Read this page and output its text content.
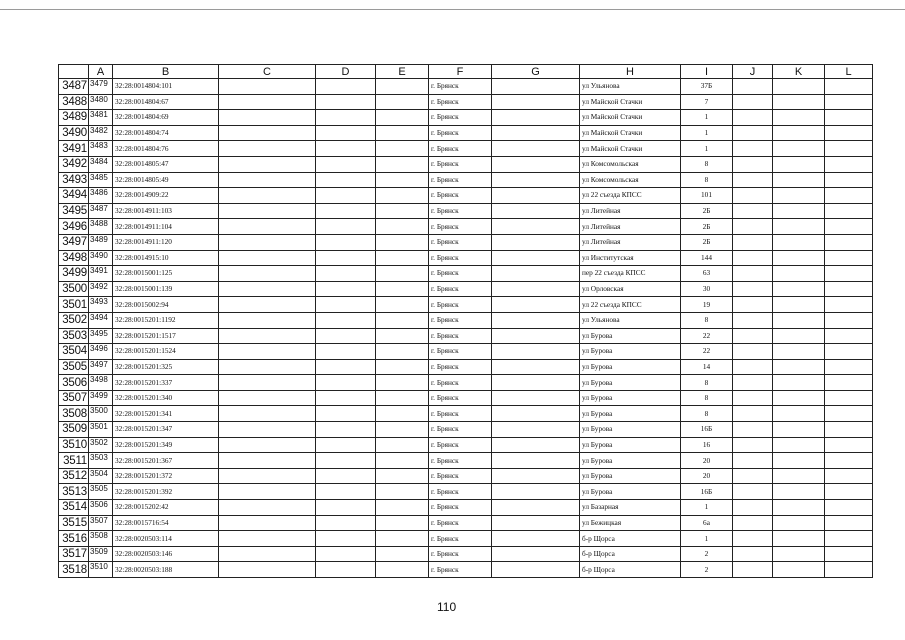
	A	B	C	D	E	F	G	H	I	J	K	L
3487	3479	32:28:0014804:101				г. Брянск		ул Ульянова	37Б			
3488	3480	32:28:0014804:67				г. Брянск		ул Майской Стачки	7			
3489	3481	32:28:0014804:69				г. Брянск		ул Майской Стачки	1			
3490	3482	32:28:0014804:74				г. Брянск		ул Майской Стачки	1			
3491	3483	32:28:0014804:76				г. Брянск		ул Майской Стачки	1			
3492	3484	32:28:0014805:47				г. Брянск		ул Комсомольская	8			
3493	3485	32:28:0014805:49				г. Брянск		ул Комсомольская	8			
3494	3486	32:28:0014909:22				г. Брянск		ул 22 съезда КПСС	101			
3495	3487	32:28:0014911:103				г. Брянск		ул Литейная	2Б			
3496	3488	32:28:0014911:104				г. Брянск		ул Литейная	2Б			
3497	3489	32:28:0014911:120				г. Брянск		ул Литейная	2Б			
3498	3490	32:28:0014915:10				г. Брянск		ул Институтская	144			
3499	3491	32:28:0015001:125				г. Брянск		пер 22 съезда КПСС	63			
3500	3492	32:28:0015001:139				г. Брянск		ул Орловская	30			
3501	3493	32:28:0015002:94				г. Брянск		ул 22 съезда КПСС	19			
3502	3494	32:28:0015201:1192				г. Брянск		ул Ульянова	8			
3503	3495	32:28:0015201:1517				г. Брянск		ул Бурова	22			
3504	3496	32:28:0015201:1524				г. Брянск		ул Бурова	22			
3505	3497	32:28:0015201:325				г. Брянск		ул Бурова	14			
3506	3498	32:28:0015201:337				г. Брянск		ул Бурова	8			
3507	3499	32:28:0015201:340				г. Брянск		ул Бурова	8			
3508	3500	32:28:0015201:341				г. Брянск		ул Бурова	8			
3509	3501	32:28:0015201:347				г. Брянск		ул Бурова	16Б			
3510	3502	32:28:0015201:349				г. Брянск		ул Бурова	16			
3511	3503	32:28:0015201:367				г. Брянск		ул Бурова	20			
3512	3504	32:28:0015201:372				г. Брянск		ул Бурова	20			
3513	3505	32:28:0015201:392				г. Брянск		ул Бурова	16Б			
3514	3506	32:28:0015202:42				г. Брянск		ул Базарная	1			
3515	3507	32:28:0015716:54				г. Брянск		ул Бежицкая	6а			
3516	3508	32:28:0020503:114				г. Брянск		б-р Щорса	1			
3517	3509	32:28:0020503:146				г. Брянск		б-р Щорса	2			
3518	3510	32:28:0020503:188				г. Брянск		б-р Щорса	2			
110
